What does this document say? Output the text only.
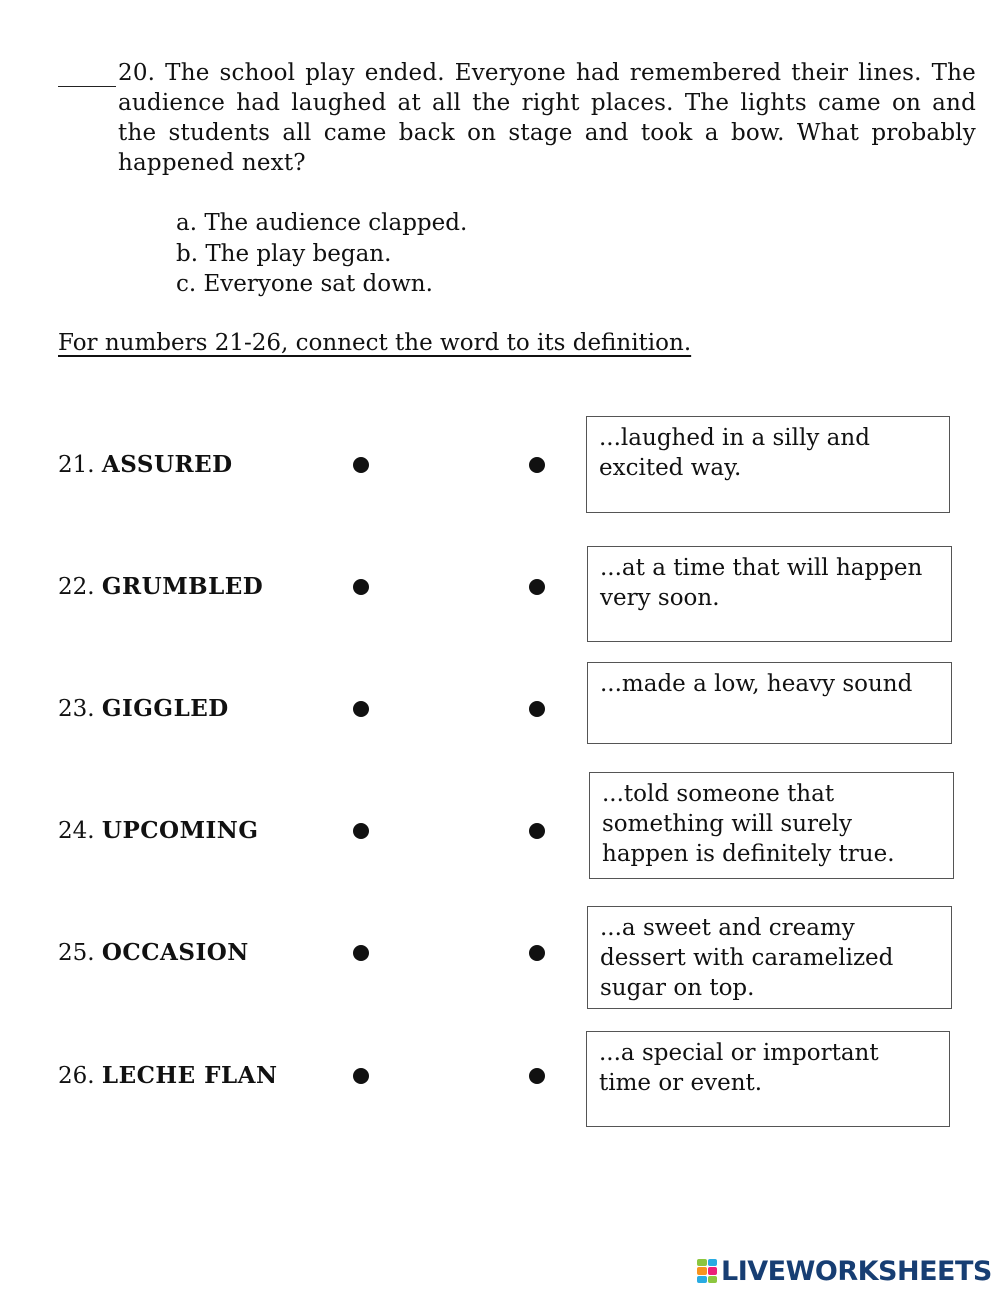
20. The school play ended. Everyone had remembered their lines. The audience had laughed at all the right places. The lights came on and the students all came back on stage and took a bow. What probably happened next?
a. The audience clapped.
b. The play began.
c. Everyone sat down.
For numbers 21-26, connect the word to its definition.
21. ASSURED
...laughed in a silly and excited way.
22. GRUMBLED
...at a time that will happen very soon.
23. GIGGLED
...made a low, heavy sound
24. UPCOMING
...told someone that something will surely happen is definitely true.
25. OCCASION
...a sweet and creamy dessert with caramelized sugar on top.
26. LECHE FLAN
...a special or important time or event.
LIVEWORKSHEETS
